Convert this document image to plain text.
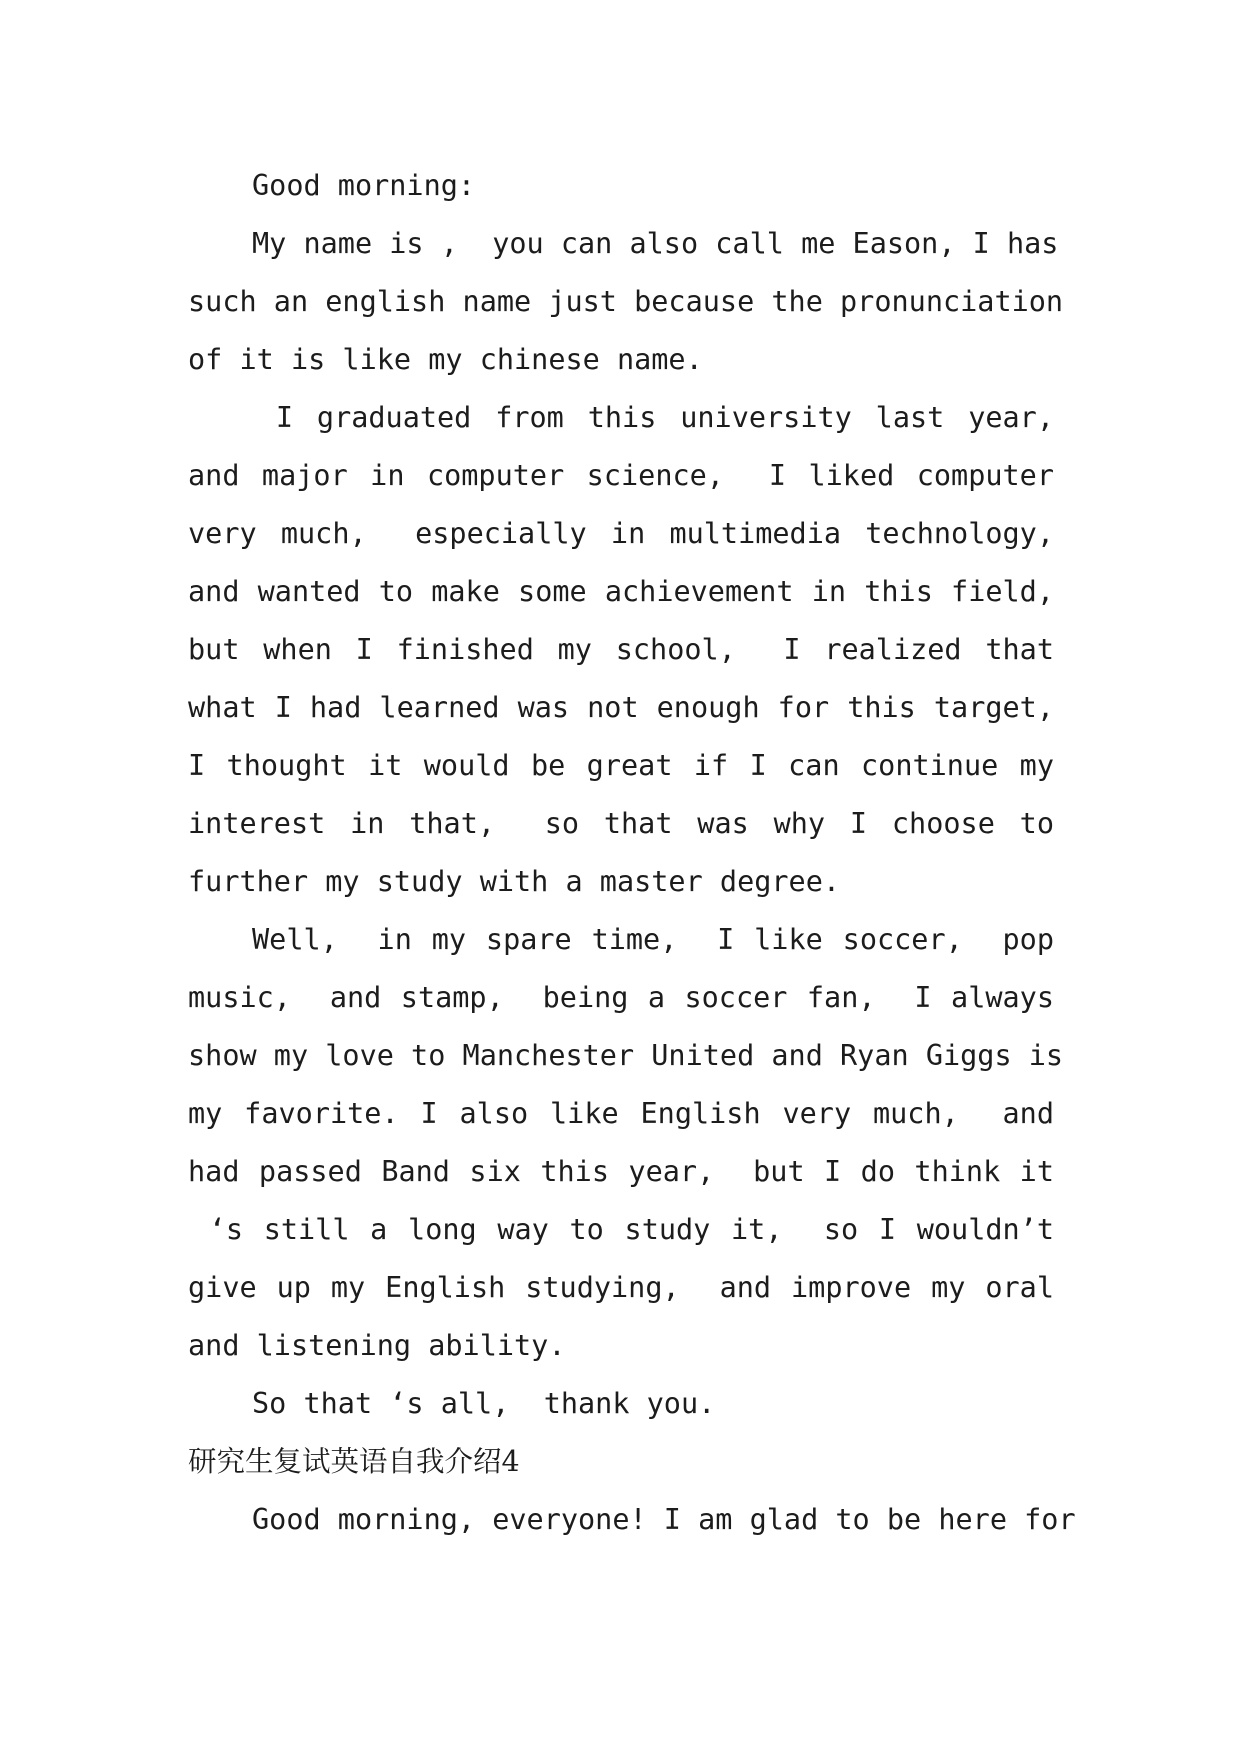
Good morning:
My name is ,  you can also call me Eason, I has
such an english name just because the pronunciation
of it is like my chinese name.
I graduated from this university last year,
and major in computer science,  I liked computer
very much,  especially in multimedia technology,
and wanted to make some achievement in this field,
but when I finished my school,  I realized that
what I had learned was not enough for this target,
I thought it would be great if I can continue my
interest in that,  so that was why I choose to
further my study with a master degree.
Well,  in my spare time,  I like soccer,  pop
music,  and stamp,  being a soccer fan,  I always
show my love to Manchester United and Ryan Giggs is
my favorite. I also like English very much,  and
had passed Band six this year,  but I do think it
‘s still a long way to study it,  so I wouldn’t
give up my English studying,  and improve my oral
and listening ability.
So that ‘s all,  thank you.
研究生复试英语自我介绍4
Good morning, everyone! I am glad to be here for
